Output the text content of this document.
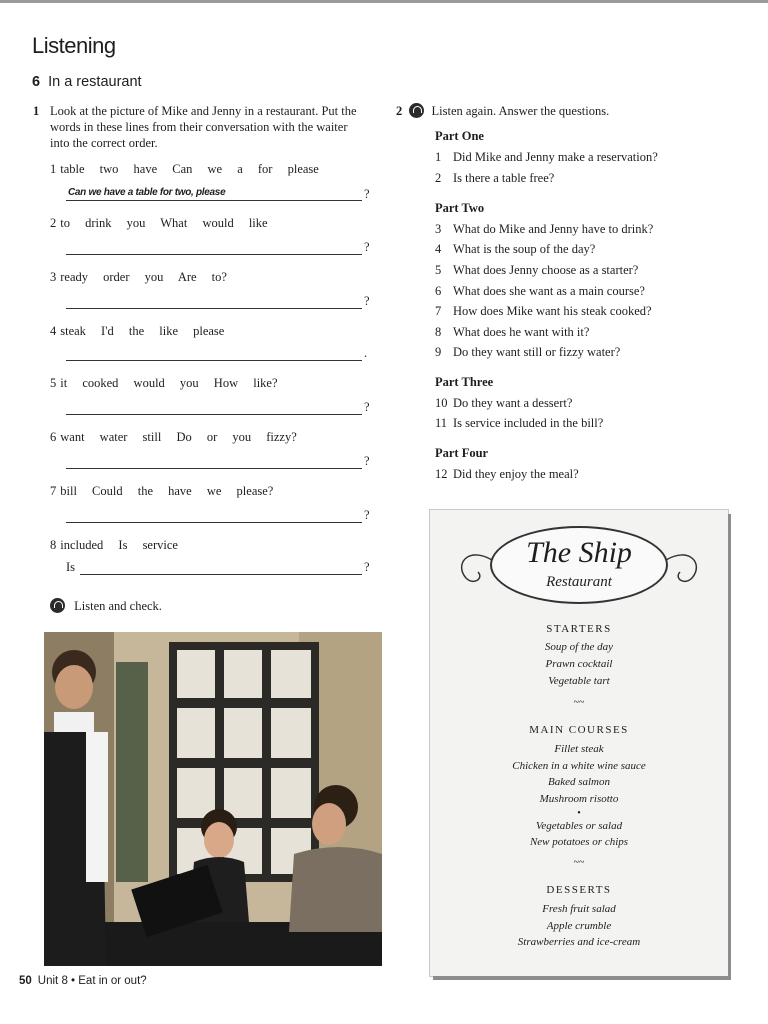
Listening
6 In a restaurant
1 Look at the picture of Mike and Jenny in a restaurant. Put the words in these lines from their conversation with the waiter into the correct order.
1 table two have Can we a for please
Can we have a table for two, please	?
2 to drink you What would like
?
3 ready order you Are to?
?
4 steak I'd the like please
.
5 it cooked would you How like?
?
6 want water still Do or you fizzy?
?
7 bill Could the have we please?
?
8 included Is service
Is	?
Listen and check.
2 Listen again. Answer the questions.
Part One
1 Did Mike and Jenny make a reservation?
2 Is there a table free?
Part Two
3 What do Mike and Jenny have to drink?
4 What is the soup of the day?
5 What does Jenny choose as a starter?
6 What does she want as a main course?
7 How does Mike want his steak cooked?
8 What does he want with it?
9 Do they want still or fizzy water?
Part Three
10 Do they want a dessert?
11 Is service included in the bill?
Part Four
12 Did they enjoy the meal?
The Ship
Restaurant
STARTERS
Soup of the day
Prawn cocktail
Vegetable tart
~~
MAIN COURSES
Fillet steak
Chicken in a white wine sauce
Baked salmon
Mushroom risotto
•
Vegetables or salad
New potatoes or chips
~~
DESSERTS
Fresh fruit salad
Apple crumble
Strawberries and ice-cream
50 Unit 8 • Eat in or out?
